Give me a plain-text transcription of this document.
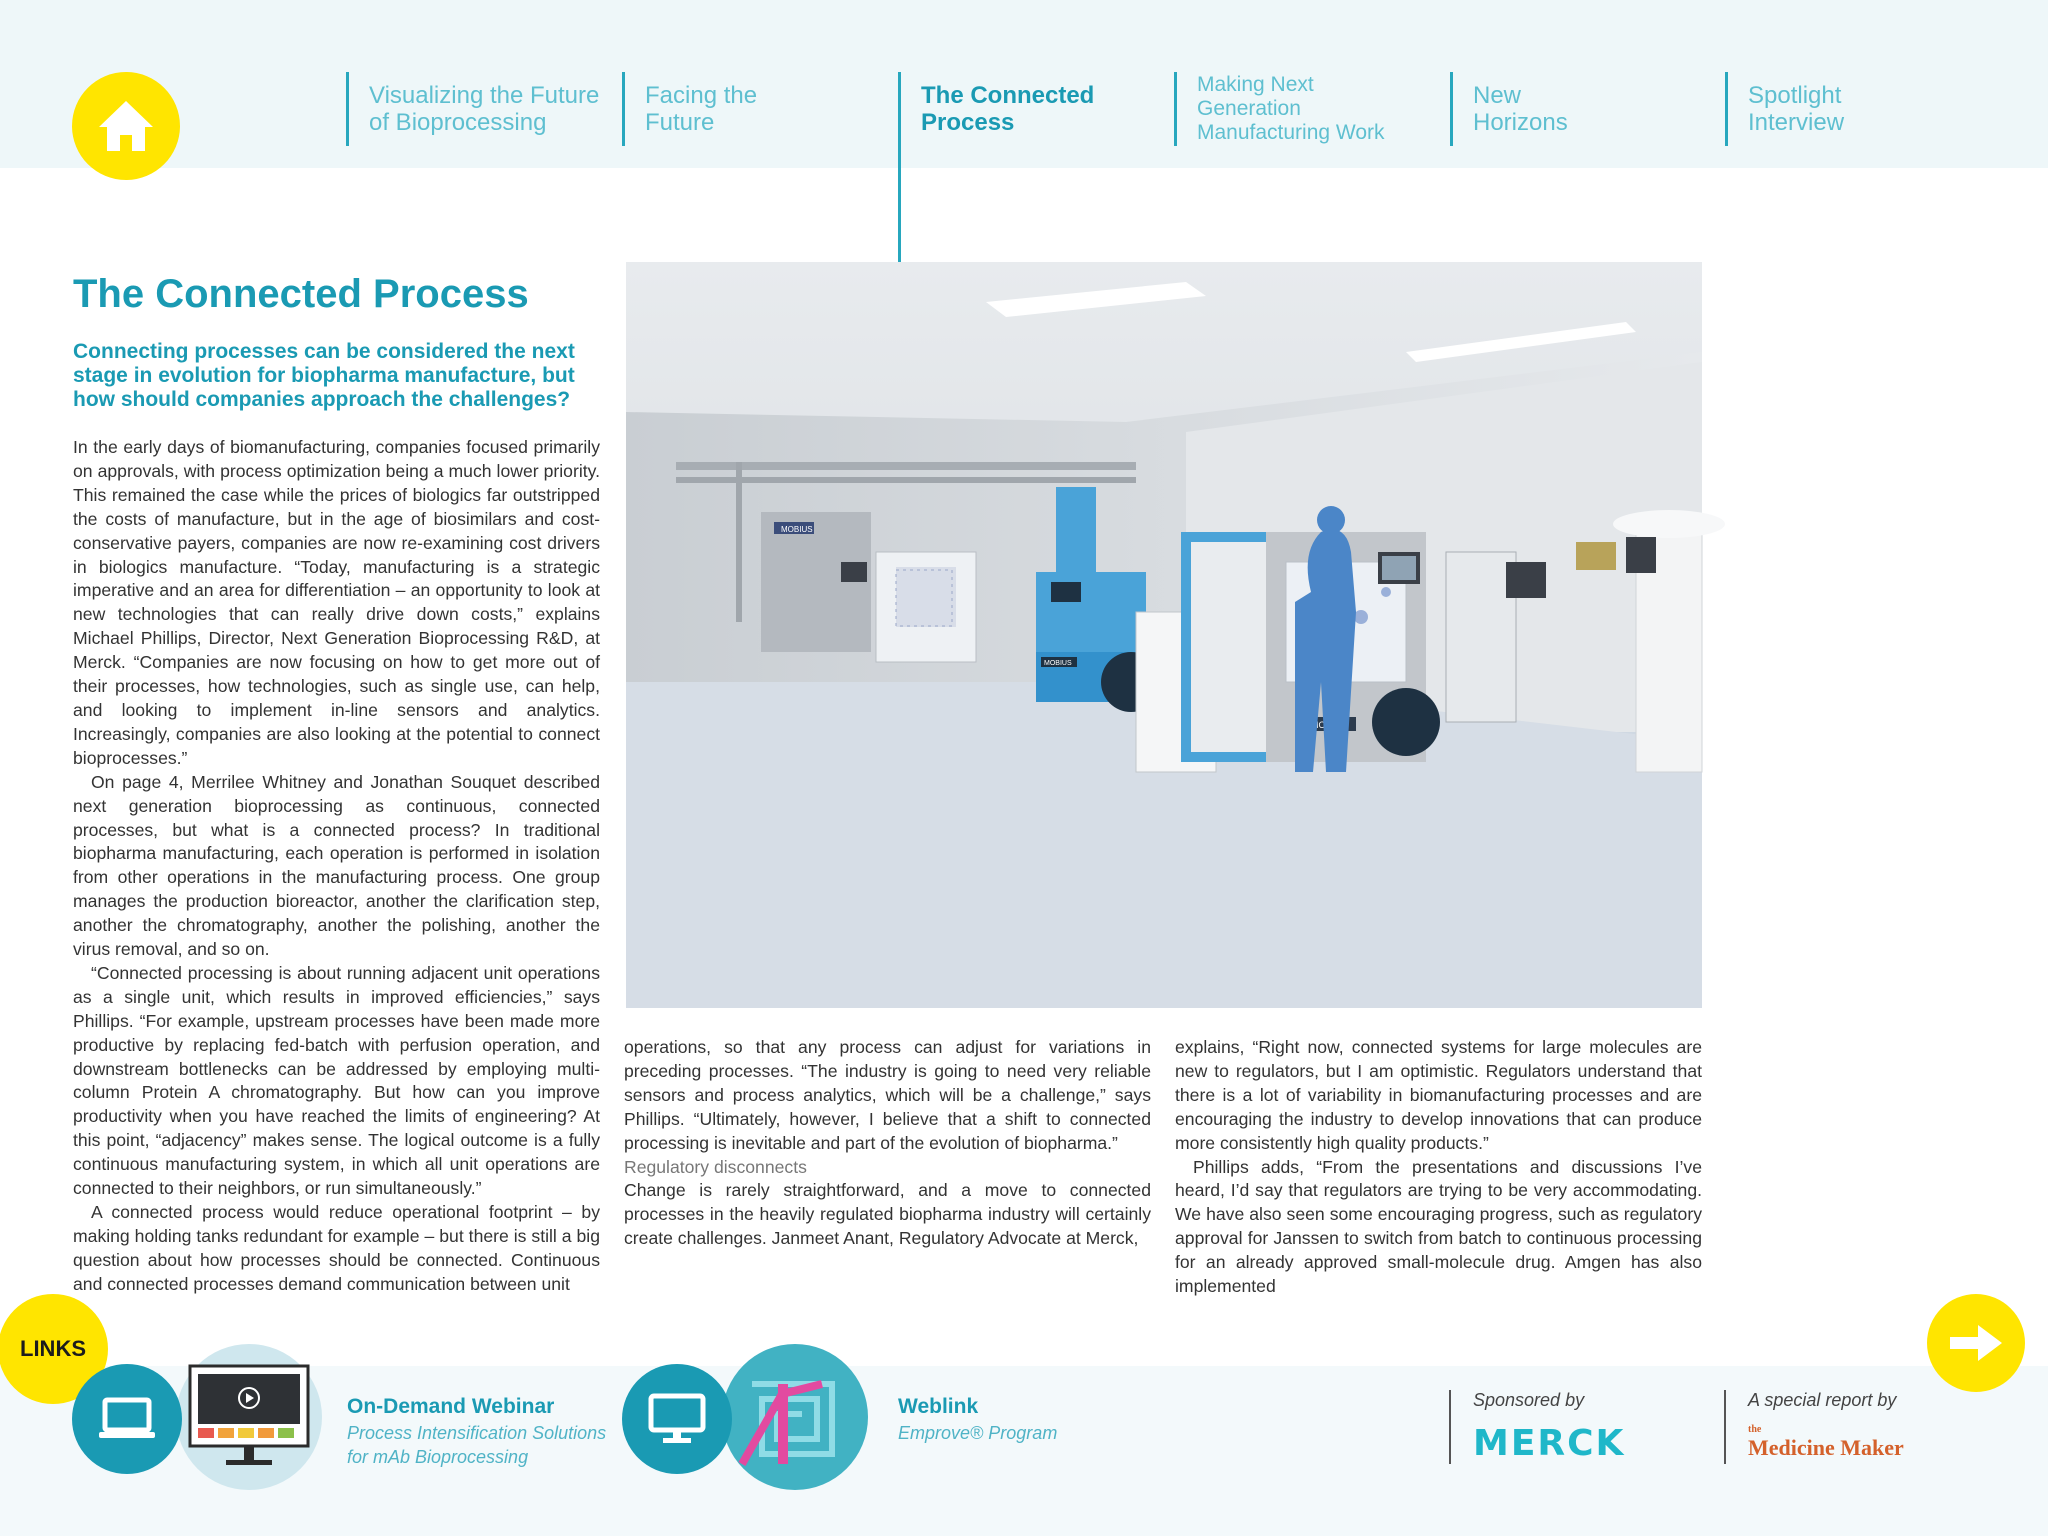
Visualizing the Future
of Bioprocessing
Facing the
Future
The Connected
Process
Making Next
Generation
Manufacturing Work
New
Horizons
Spotlight
Interview
The Connected Process
Connecting processes can be considered the next stage in evolution for biopharma manufacture, but how should companies approach the challenges?

In the early days of biomanufacturing, companies focused primarily on approvals, with process optimization being a much lower priority. This remained the case while the prices of biologics far outstripped the costs of manufacture, but in the age of biosimilars and cost-conservative payers, companies are now re-examining cost drivers in biologics manufacture. “Today, manufacturing is a strategic imperative and an area for differentiation – an opportunity to look at new technologies that can really drive down costs,” explains Michael Phillips, Director, Next Generation Bioprocessing R&D, at Merck. “Companies are now focusing on how to get more out of their processes, how technologies, such as single use, can help, and looking to implement in-line sensors and analytics. Increasingly, companies are also looking at the potential to connect bioprocesses.”

On page 4, Merrilee Whitney and Jonathan Souquet described next generation bioprocessing as continuous, connected processes, but what is a connected process? In traditional biopharma manufacturing, each operation is performed in isolation from other operations in the manufacturing process. One group manages the production bioreactor, another the clarification step, another the chromatography, another the polishing, another the virus removal, and so on.

“Connected processing is about running adjacent unit operations as a single unit, which results in improved efficiencies,” says Phillips. “For example, upstream processes have been made more productive by replacing fed-batch with perfusion operation, and downstream bottlenecks can be addressed by employing multi-column Protein A chromatography. But how can you improve productivity when you have reached the limits of engineering? At this point, “adjacency” makes sense. The logical outcome is a fully continuous manufacturing system, in which all unit operations are connected to their neighbors, or run simultaneously.”

A connected process would reduce operational footprint – by making holding tanks redundant for example – but there is still a big question about how processes should be connected. Continuous and connected processes demand communication between unit

MOBIUS
MOBIUS

operations, so that any process can adjust for variations in preceding processes. “The industry is going to need very reliable sensors and process analytics, which will be a challenge,” says Phillips. “Ultimately, however, I believe that a shift to connected processing is inevitable and part of the evolution of biopharma.”

Regulatory disconnects

Change is rarely straightforward, and a move to connected processes in the heavily regulated biopharma industry will certainly create challenges. Janmeet Anant, Regulatory Advocate at Merck,

explains, “Right now, connected systems for large molecules are new to regulators, but I am optimistic. Regulators understand that there is a lot of variability in biomanufacturing processes and are encouraging the industry to develop innovations that can produce more consistently high quality products.”

Phillips adds, “From the presentations and discussions I’ve heard, I’d say that regulators are trying to be very accommodating. We have also seen some encouraging progress, such as regulatory approval for Janssen to switch from batch to continuous processing for an already approved small-molecule drug. Amgen has also implemented

LINKS
On-Demand Webinar
Process Intensification Solutions
for mAb Bioprocessing
Weblink
Emprove® Program
Sponsored by
MERCK
A special report by
the
Medicine Maker
